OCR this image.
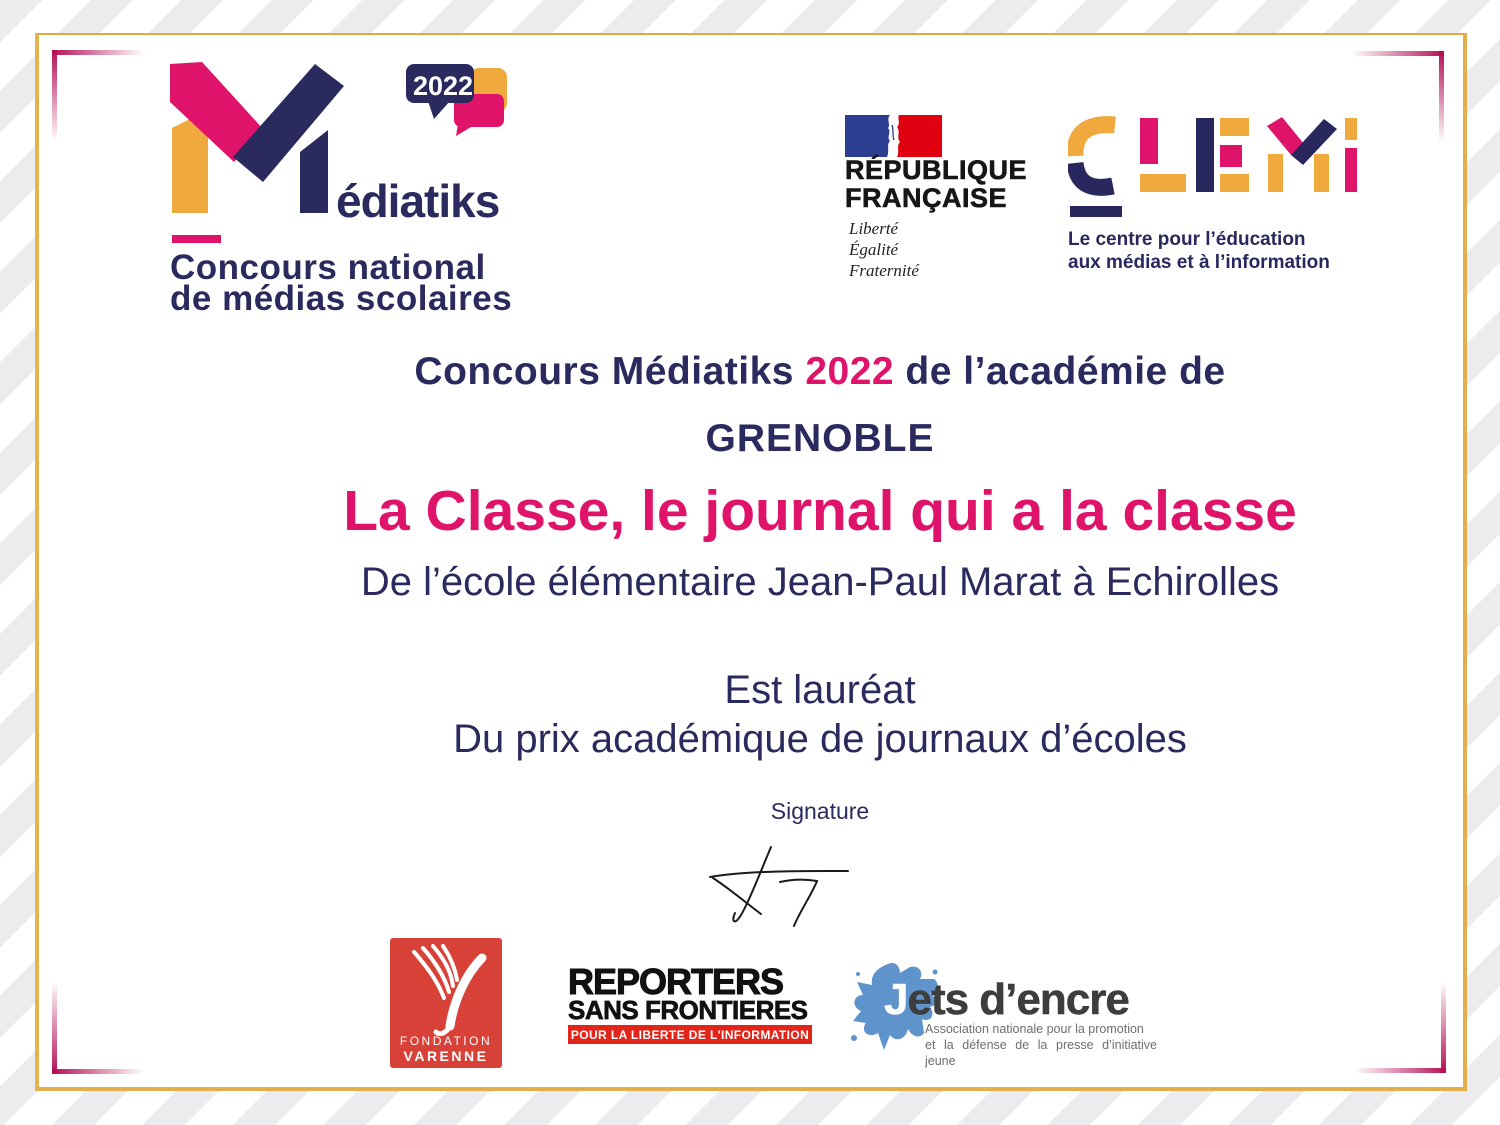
édiatiks
2022
Concours national
de médias scolaires
RÉPUBLIQUE
FRANÇAISE
Liberté
Égalité
Fraternité
Le centre pour l’éducation
aux médias et à l’information
Concours Médiatiks 2022 de l’académie de
GRENOBLE
La Classe, le journal qui a la classe
De l’école élémentaire Jean-Paul Marat à Echirolles
Est lauréat
Du prix académique de journaux d’écoles
Signature
FONDATION
VARENNE
REPORTERS
SANS FRONTIERES
POUR LA LIBERTE DE L'INFORMATION
Jets d’encre
Association nationale pour la promotion
et la défense de la presse d’initiative jeune
